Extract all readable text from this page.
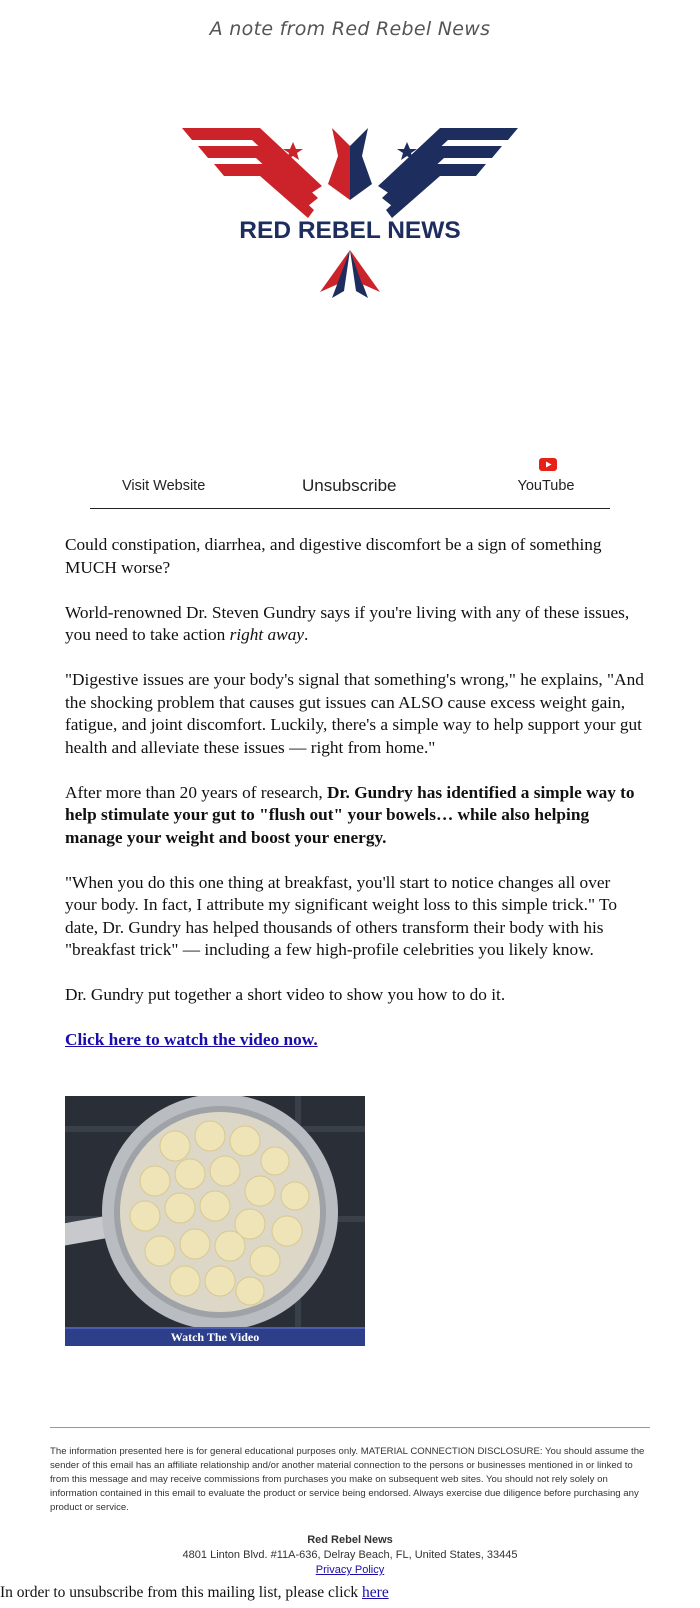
A note from Red Rebel News
RED REBEL NEWS
Visit Website	Unsubscribe	YouTube

Could constipation, diarrhea, and digestive discomfort be a sign of something MUCH worse?

World-renowned Dr. Steven Gundry says if you're living with any of these issues, you need to take action right away.

"Digestive issues are your body's signal that something's wrong," he explains, "And the shocking problem that causes gut issues can ALSO cause excess weight gain, fatigue, and joint discomfort. Luckily, there's a simple way to help support your gut health and alleviate these issues — right from home."

After more than 20 years of research, Dr. Gundry has identified a simple way to help stimulate your gut to "flush out" your bowels… while also helping manage your weight and boost your energy.

"When you do this one thing at breakfast, you'll start to notice changes all over your body. In fact, I attribute my significant weight loss to this simple trick." To date, Dr. Gundry has helped thousands of others transform their body with his "breakfast trick" — including a few high-profile celebrities you likely know.

Dr. Gundry put together a short video to show you how to do it.

Click here to watch the video now.

Watch The Video
The information presented here is for general educational purposes only. MATERIAL CONNECTION DISCLOSURE: You should assume the sender of this email has an affiliate relationship and/or another material connection to the persons or businesses mentioned in or linked to from this message and may receive commissions from purchases you make on subsequent web sites. You should not rely solely on information contained in this email to evaluate the product or service being endorsed. Always exercise due diligence before purchasing any product or service.
Red Rebel News
4801 Linton Blvd. #11A-636, Delray Beach, FL, United States, 33445
Privacy Policy
In order to unsubscribe from this mailing list, please click here
